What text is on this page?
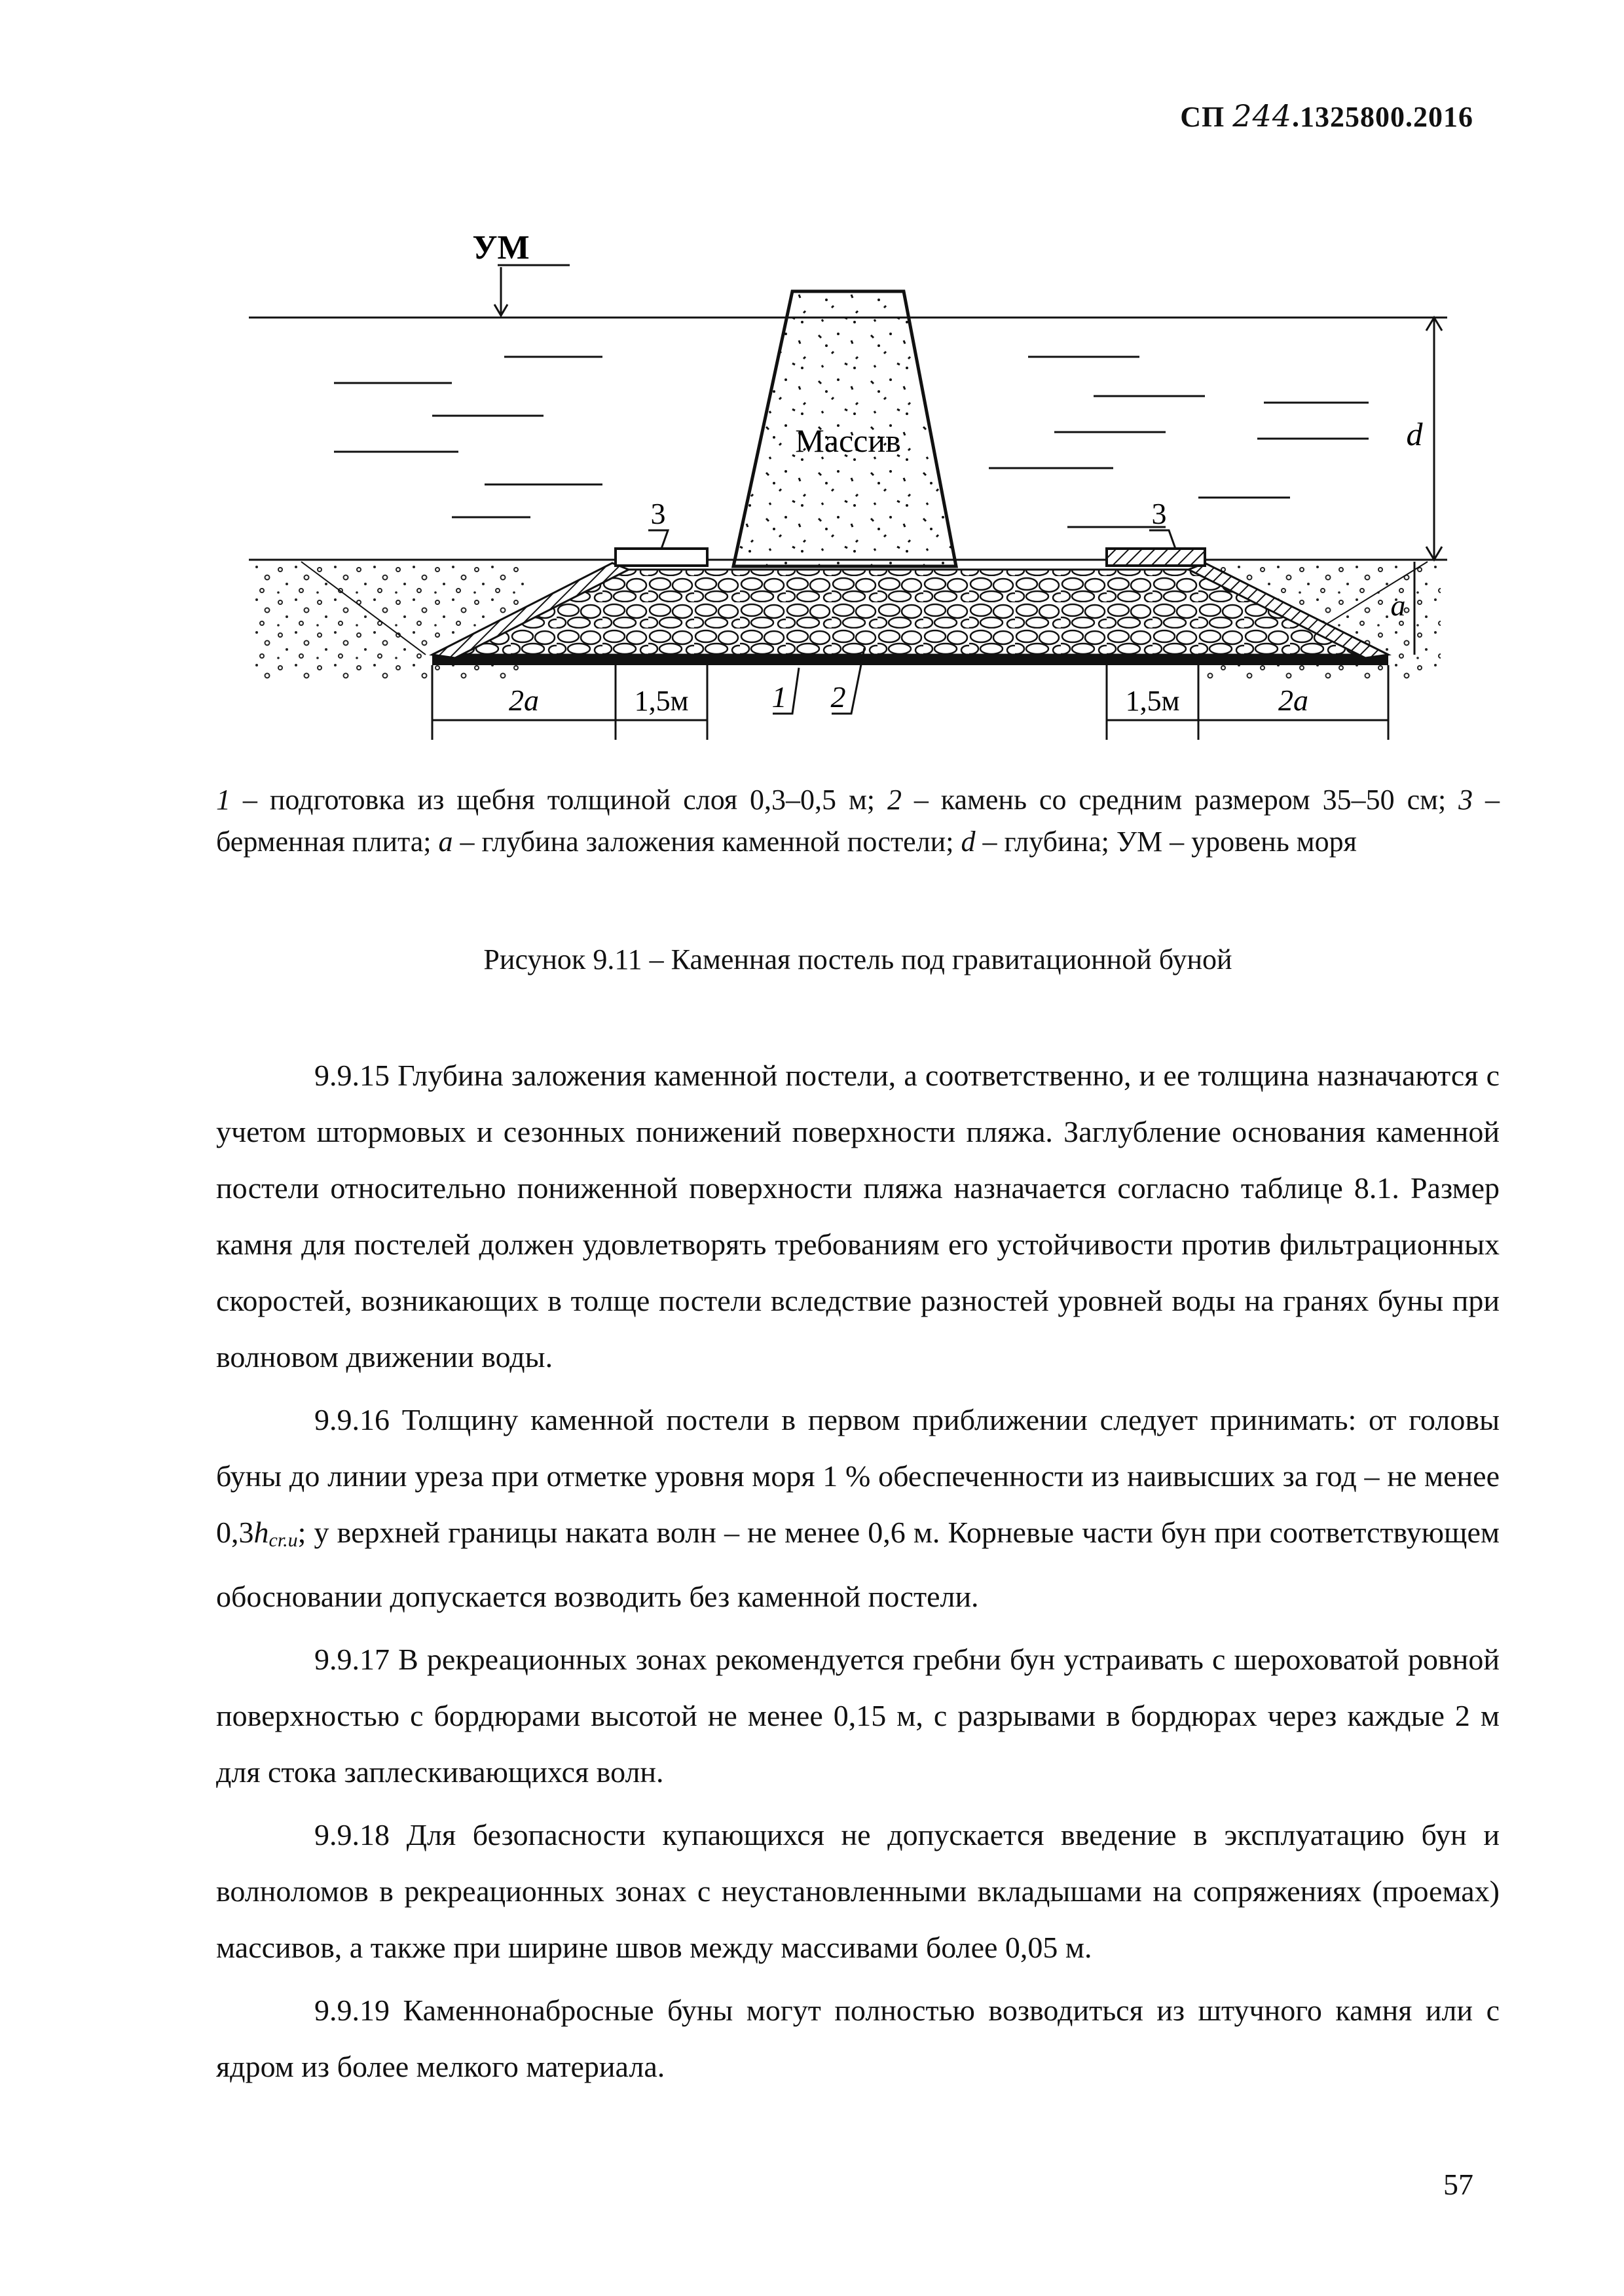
СП 244.1325800.2016
УМ
Массив
3	3
d
a
2a	1,5м	1,5м	2a
1 2
1 – подготовка из щебня толщиной слоя 0,3–0,5 м; 2 – камень со средним размером 35–50 см; 3 – берменная плита; а – глубина заложения каменной постели; d – глубина; УМ – уровень моря
Рисунок 9.11 – Каменная постель под гравитационной буной

9.9.15 Глубина заложения каменной постели, а соответственно, и ее толщина назначаются с учетом штормовых и сезонных понижений поверхности пляжа. Заглубление основания каменной постели относительно пониженной поверхности пляжа назначается согласно таблице 8.1. Размер камня для постелей должен удовлетворять требованиям его устойчивости против фильтрационных скоростей, возникающих в толще постели вследствие разностей уровней воды на гранях буны при волновом движении воды.

9.9.16 Толщину каменной постели в первом приближении следует принимать: от головы буны до линии уреза при отметке уровня моря 1 % обеспеченности из наивысших за год – не менее $0,3h_{cr.u}$; у верхней границы наката волн – не менее 0,6 м. Корневые части бун при соответствующем обосновании допускается возводить без каменной постели.

9.9.17 В рекреационных зонах рекомендуется гребни бун устраивать с шероховатой ровной поверхностью с бордюрами высотой не менее 0,15 м, с разрывами в бордюрах через каждые 2 м для стока заплескивающихся волн.

9.9.18 Для безопасности купающихся не допускается введение в эксплуатацию бун и волноломов в рекреационных зонах с неустановленными вкладышами на сопряжениях (проемах) массивов, а также при ширине швов между массивами более 0,05 м.

9.9.19 Каменнонаброcные буны могут полностью возводиться из штучного камня или с ядром из более мелкого материала.

57
